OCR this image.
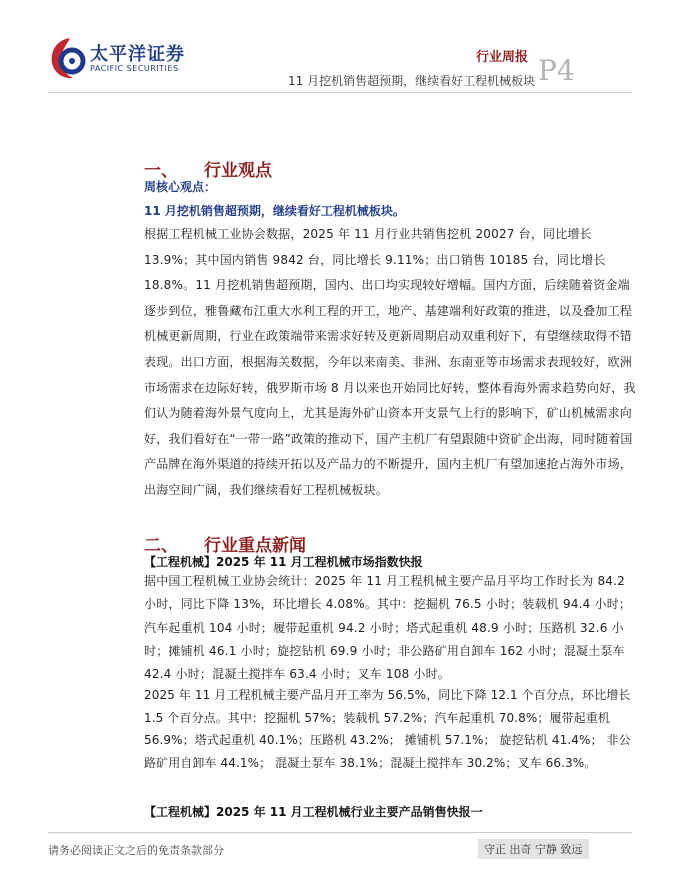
太平洋证券
PACIFIC SECURITIES
行业周报
11 月挖机销售超预期，继续看好工程机械板块 P4
一、 行业观点
周核心观点：
11 月挖机销售超预期，继续看好工程机械板块。
根据工程机械工业协会数据，2025 年 11 月行业共销售挖机 20027 台，同比增长 13.9%；其中国内销售 9842 台，同比增长 9.11%；出口销售 10185 台，同比增长 18.8%。11 月挖机销售超预期，国内、出口均实现较好增幅。国内方面，后续随着资金端逐步到位，雅鲁藏布江重大水利工程的开工，地产、基建端利好政策的推进，以及叠加工程机械更新周期，行业在政策端带来需求好转及更新周期启动双重利好下，有望继续取得不错表现。出口方面，根据海关数据，今年以来南美、非洲、东南亚等市场需求表现较好，欧洲市场需求在边际好转，俄罗斯市场 8 月以来也开始同比好转，整体看海外需求趋势向好，我们认为随着海外景气度向上，尤其是海外矿山资本开支景气上行的影响下，矿山机械需求向好，我们看好在“一带一路”政策的推动下，国产主机厂有望跟随中资矿企出海，同时随着国产品牌在海外渠道的持续开拓以及产品力的不断提升，国内主机厂有望加速抢占海外市场，出海空间广阔，我们继续看好工程机械板块。
二、 行业重点新闻
【工程机械】2025 年 11 月工程机械市场指数快报
据中国工程机械工业协会统计：2025 年 11 月工程机械主要产品月平均工作时长为 84.2 小时，同比下降 13%，环比增长 4.08%。其中：挖掘机 76.5 小时；装载机 94.4 小时；汽车起重机 104 小时；履带起重机 94.2 小时；塔式起重机 48.9 小时；压路机 32.6 小时；摊铺机 46.1 小时；旋挖钻机 69.9 小时；非公路矿用自卸车 162 小时；混凝土泵车 42.4 小时；混凝土搅拌车 63.4 小时；叉车 108 小时。
2025 年 11 月工程机械主要产品月开工率为 56.5%，同比下降 12.1 个百分点，环比增长 1.5 个百分点。其中：挖掘机 57%；装载机 57.2%；汽车起重机 70.8%；履带起重机 56.9%；塔式起重机 40.1%；压路机 43.2%； 摊铺机 57.1%； 旋挖钻机 41.4%； 非公路矿用自卸车 44.1%； 混凝土泵车 38.1%；混凝土搅拌车 30.2%；叉车 66.3%。
【工程机械】2025 年 11 月工程机械行业主要产品销售快报一
请务必阅读正文之后的免责条款部分	守正 出奇 宁静 致远
